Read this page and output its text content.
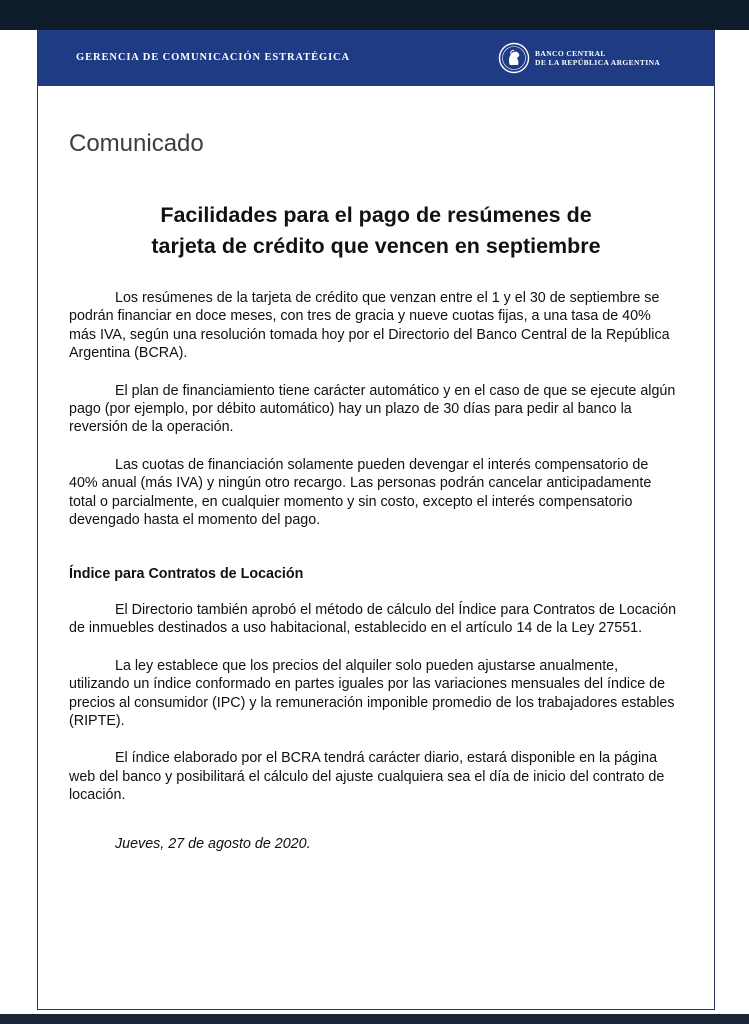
GERENCIA DE COMUNICACIÓN ESTRATÉGICA	BANCO CENTRAL
DE LA REPÚBLICA ARGENTINA
Comunicado
Facilidades para el pago de resúmenes de
tarjeta de crédito que vencen en septiembre

Los resúmenes de la tarjeta de crédito que venzan entre el 1 y el 30 de septiembre se podrán financiar en doce meses, con tres de gracia y nueve cuotas fijas, a una tasa de 40% más IVA, según una resolución tomada hoy por el Directorio del Banco Central de la República Argentina (BCRA).

El plan de financiamiento tiene carácter automático y en el caso de que se ejecute algún pago (por ejemplo, por débito automático) hay un plazo de 30 días para pedir al banco la reversión de la operación.

Las cuotas de financiación solamente pueden devengar el interés compensatorio de 40% anual (más IVA) y ningún otro recargo. Las personas podrán cancelar anticipadamente total o parcialmente, en cualquier momento y sin costo, excepto el interés compensatorio devengado hasta el momento del pago.

Índice para Contratos de Locación

El Directorio también aprobó el método de cálculo del Índice para Contratos de Locación de inmuebles destinados a uso habitacional, establecido en el artículo 14 de la Ley 27551.

La ley establece que los precios del alquiler solo pueden ajustarse anualmente, utilizando un índice conformado en partes iguales por las variaciones mensuales del índice de precios al consumidor (IPC) y la remuneración imponible promedio de los trabajadores estables (RIPTE).

El índice elaborado por el BCRA tendrá carácter diario, estará disponible en la página web del banco y posibilitará el cálculo del ajuste cualquiera sea el día de inicio del contrato de locación.

Jueves, 27 de agosto de 2020.
